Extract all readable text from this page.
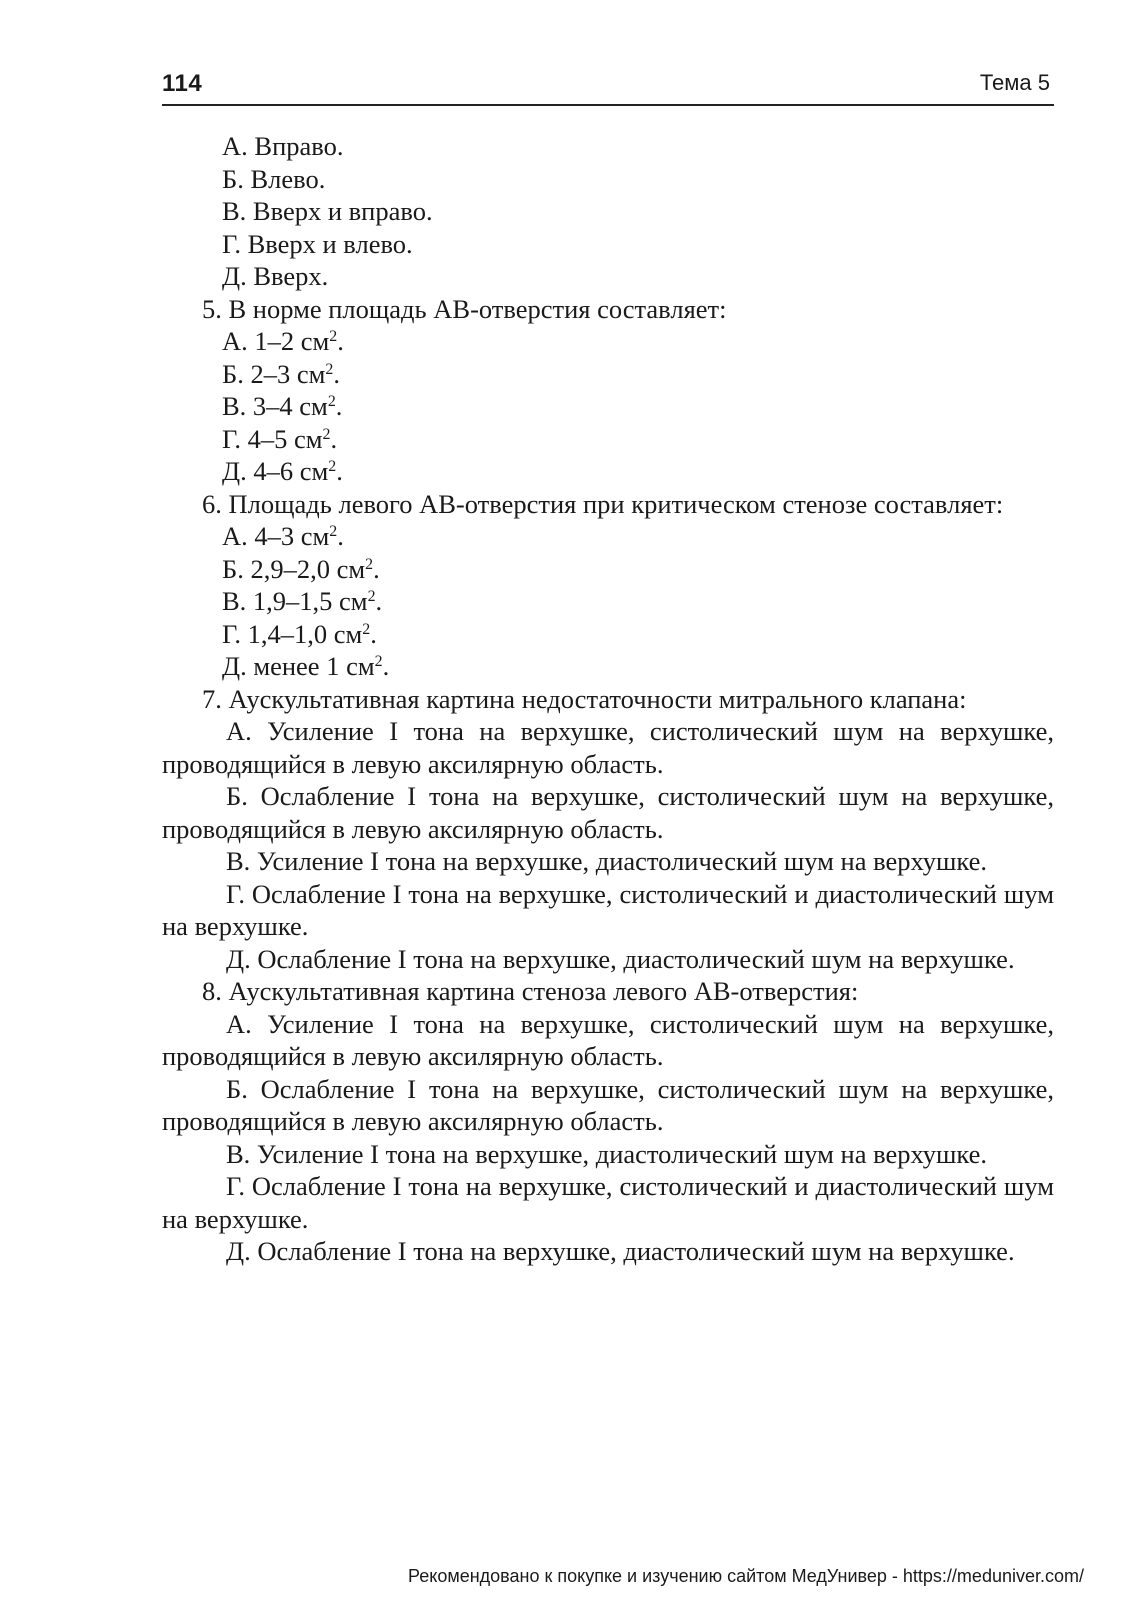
114	Тема 5
А. Вправо.
Б. Влево.
В. Вверх и вправо.
Г. Вверх и влево.
Д. Вверх.
5. В норме площадь АВ-отверстия составляет:
А. 1–2 $см^2$.
Б. 2–3 $см^2$.
В. 3–4 $см^2$.
Г. 4–5 $см^2$.
Д. 4–6 $см^2$.
6. Площадь левого АВ-отверстия при критическом стенозе составляет:
А. 4–3 $см^2$.
Б. 2,9–2,0 $см^2$.
В. 1,9–1,5 $см^2$.
Г. 1,4–1,0 $см^2$.
Д. менее 1 $см^2$.
7. Аускультативная картина недостаточности митрального клапана:
А. Усиление I тона на верхушке, систолический шум на верхушке, проводящийся в левую аксилярную область.
Б. Ослабление I тона на верхушке, систолический шум на верхушке, проводящийся в левую аксилярную область.
В. Усиление I тона на верхушке, диастолический шум на верхушке.
Г. Ослабление I тона на верхушке, систолический и диастолический шум на верхушке.
Д. Ослабление I тона на верхушке, диастолический шум на верхушке.
8. Аускультативная картина стеноза левого АВ-отверстия:
А. Усиление I тона на верхушке, систолический шум на верхушке, проводящийся в левую аксилярную область.
Б. Ослабление I тона на верхушке, систолический шум на верхушке, проводящийся в левую аксилярную область.
В. Усиление I тона на верхушке, диастолический шум на верхушке.
Г. Ослабление I тона на верхушке, систолический и диастолический шум на верхушке.
Д. Ослабление I тона на верхушке, диастолический шум на верхушке.
Рекомендовано к покупке и изучению сайтом МедУнивер - https://meduniver.com/
